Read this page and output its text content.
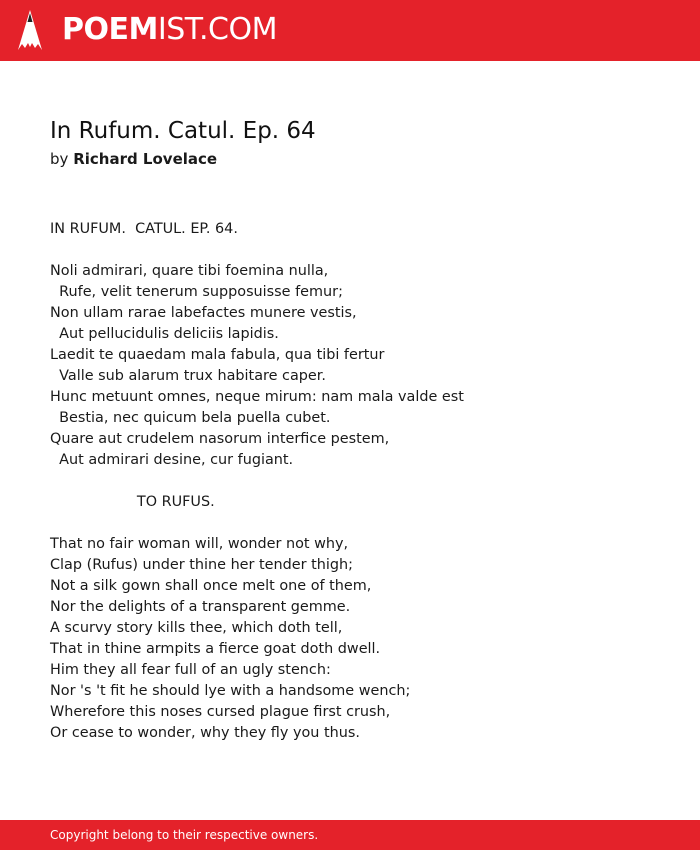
POEMIST.COM
In Rufum. Catul. Ep. 64
by Richard Lovelace
IN RUFUM.  CATUL. EP. 64.
Noli admirari, quare tibi foemina nulla,
Rufe, velit tenerum supposuisse femur;
Non ullam rarae labefactes munere vestis,
Aut pellucidulis deliciis lapidis.
Laedit te quaedam mala fabula, qua tibi fertur
Valle sub alarum trux habitare caper.
Hunc metuunt omnes, neque mirum: nam mala valde est
Bestia, nec quicum bela puella cubet.
Quare aut crudelem nasorum interfice pestem,
Aut admirari desine, cur fugiant.
TO RUFUS.
That no fair woman will, wonder not why,
Clap (Rufus) under thine her tender thigh;
Not a silk gown shall once melt one of them,
Nor the delights of a transparent gemme.
A scurvy story kills thee, which doth tell,
That in thine armpits a fierce goat doth dwell.
Him they all fear full of an ugly stench:
Nor 's 't fit he should lye with a handsome wench;
Wherefore this noses cursed plague first crush,
Or cease to wonder, why they fly you thus.
Copyright belong to their respective owners.
